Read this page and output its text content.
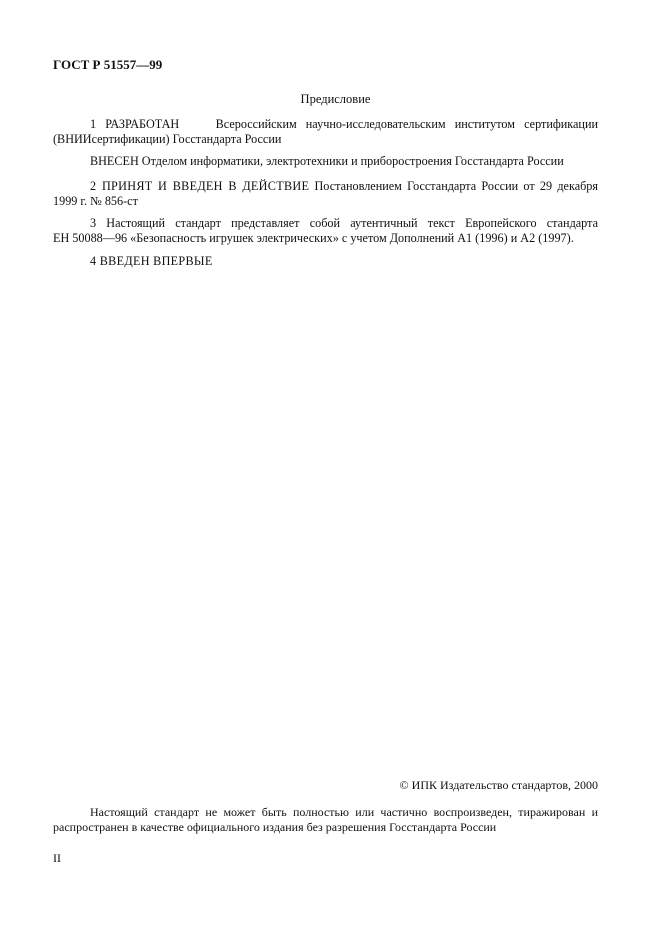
ГОСТ Р 51557—99
Предисловие
1 РАЗРАБОТАН	Всероссийским научно-исследовательским институтом сертификации
(ВНИИсертификации) Госстандарта России
ВНЕСЕН Отделом информатики, электротехники и приборостроения Госстандарта России
2 ПРИНЯТ И ВВЕДЕН В ДЕЙСТВИЕ Постановлением Госстандарта России от 29 декабря
1999 г. № 856-ст
3 Настоящий стандарт представляет собой аутентичный текст Европейского стандарта
ЕН 50088—96 «Безопасность игрушек электрических» с учетом Дополнений А1 (1996) и А2 (1997).
4 ВВЕДЕН ВПЕРВЫЕ
© ИПК Издательство стандартов, 2000
Настоящий стандарт не может быть полностью или частично воспроизведен, тиражирован и
распространен в качестве официального издания без разрешения Госстандарта России
II
